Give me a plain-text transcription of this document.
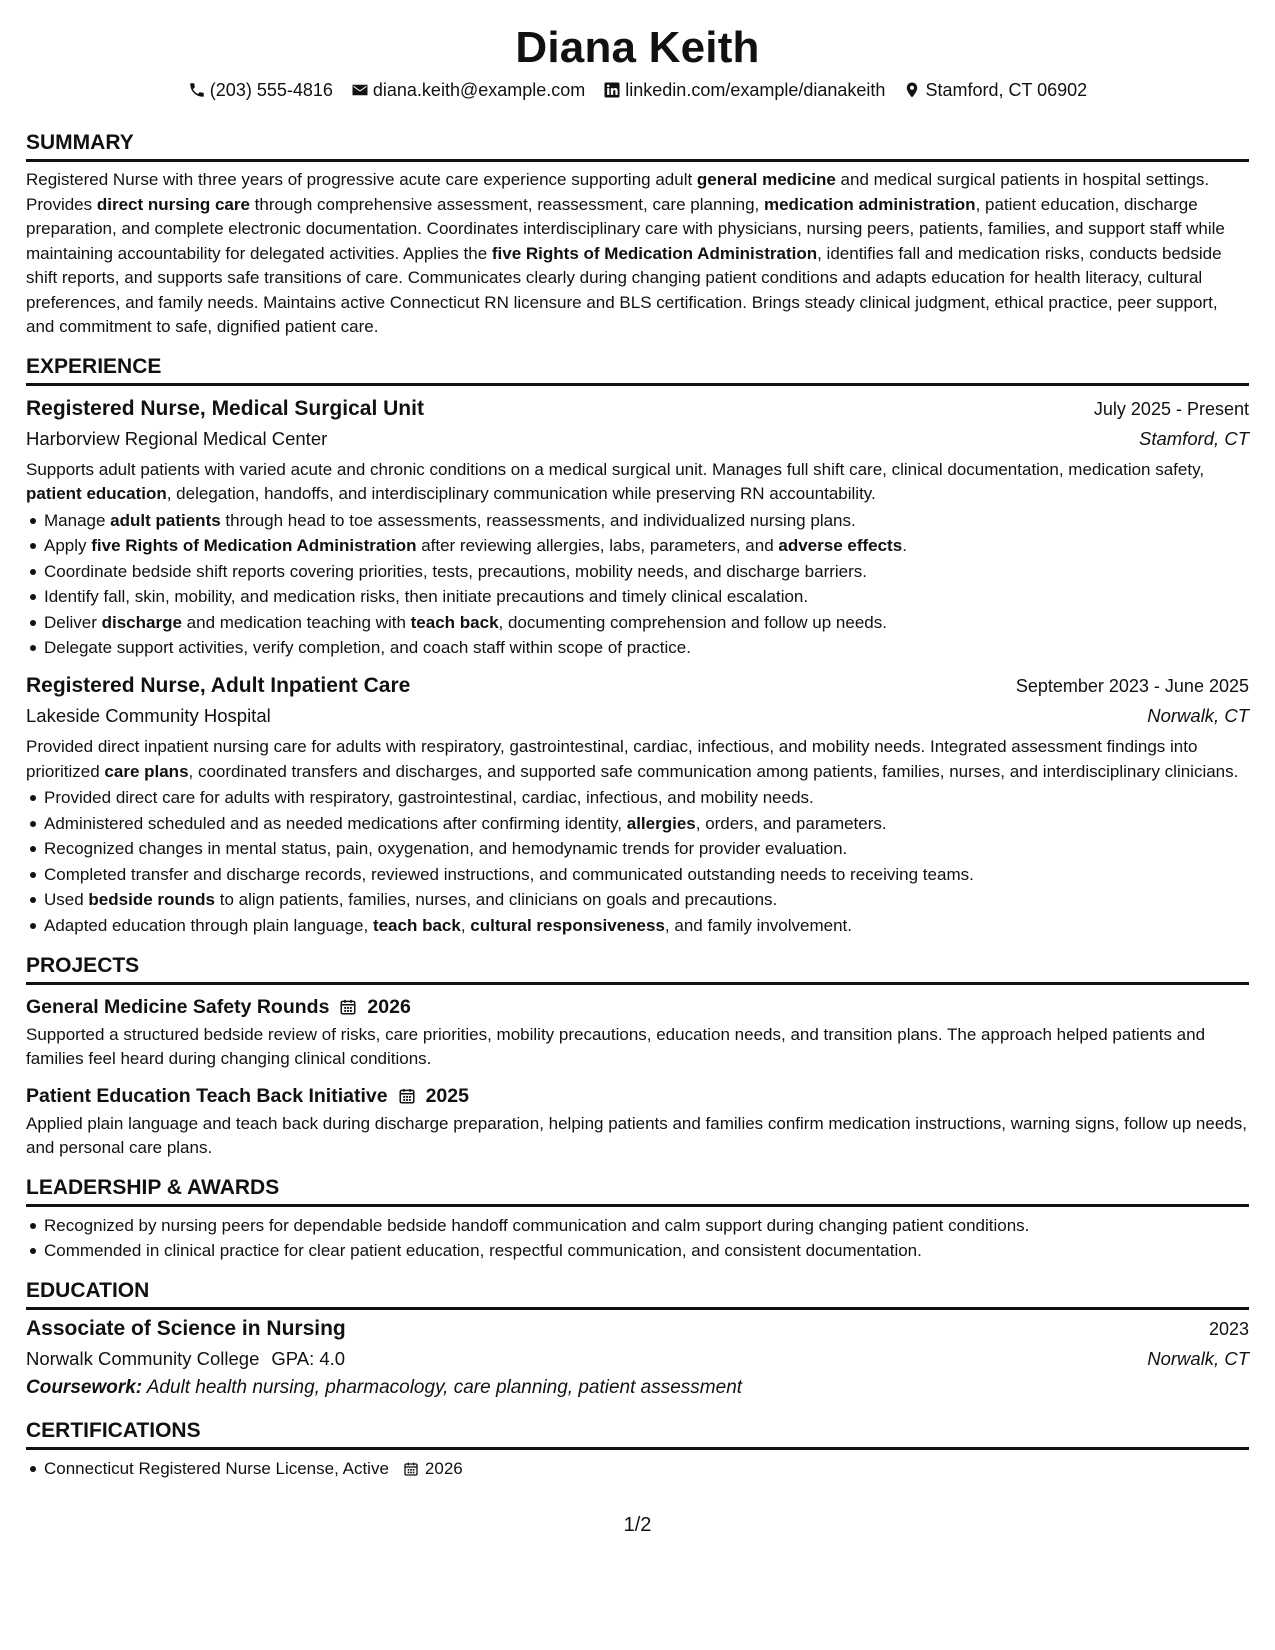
Diana Keith
(203) 555-4816 diana.keith@example.com linkedin.com/example/dianakeith Stamford, CT 06902
SUMMARY

Registered Nurse with three years of progressive acute care experience supporting adult general medicine and medical surgical patients in hospital settings. Provides direct nursing care through comprehensive assessment, reassessment, care planning, medication administration, patient education, discharge preparation, and complete electronic documentation. Coordinates interdisciplinary care with physicians, nursing peers, patients, families, and support staff while maintaining accountability for delegated activities. Applies the five Rights of Medication Administration, identifies fall and medication risks, conducts bedside shift reports, and supports safe transitions of care. Communicates clearly during changing patient conditions and adapts education for health literacy, cultural preferences, and family needs. Maintains active Connecticut RN licensure and BLS certification. Brings steady clinical judgment, ethical practice, peer support, and commitment to safe, dignified patient care.

EXPERIENCE
Registered Nurse, Medical Surgical Unit	July 2025 - Present
Harborview Regional Medical Center	Stamford, CT

Supports adult patients with varied acute and chronic conditions on a medical surgical unit. Manages full shift care, clinical documentation, medication safety, patient education, delegation, handoffs, and interdisciplinary communication while preserving RN accountability.

Manage adult patients through head to toe assessments, reassessments, and individualized nursing plans.
Apply five Rights of Medication Administration after reviewing allergies, labs, parameters, and adverse effects.
Coordinate bedside shift reports covering priorities, tests, precautions, mobility needs, and discharge barriers.
Identify fall, skin, mobility, and medication risks, then initiate precautions and timely clinical escalation.
Deliver discharge and medication teaching with teach back, documenting comprehension and follow up needs.
Delegate support activities, verify completion, and coach staff within scope of practice.
Registered Nurse, Adult Inpatient Care	September 2023 - June 2025
Lakeside Community Hospital	Norwalk, CT

Provided direct inpatient nursing care for adults with respiratory, gastrointestinal, cardiac, infectious, and mobility needs. Integrated assessment findings into prioritized care plans, coordinated transfers and discharges, and supported safe communication among patients, families, nurses, and interdisciplinary clinicians.

Provided direct care for adults with respiratory, gastrointestinal, cardiac, infectious, and mobility needs.
Administered scheduled and as needed medications after confirming identity, allergies, orders, and parameters.
Recognized changes in mental status, pain, oxygenation, and hemodynamic trends for provider evaluation.
Completed transfer and discharge records, reviewed instructions, and communicated outstanding needs to receiving teams.
Used bedside rounds to align patients, families, nurses, and clinicians on goals and precautions.
Adapted education through plain language, teach back, cultural responsiveness, and family involvement.
PROJECTS
General Medicine Safety Rounds 2026

Supported a structured bedside review of risks, care priorities, mobility precautions, education needs, and transition plans. The approach helped patients and families feel heard during changing clinical conditions.

Patient Education Teach Back Initiative 2025

Applied plain language and teach back during discharge preparation, helping patients and families confirm medication instructions, warning signs, follow up needs, and personal care plans.

LEADERSHIP & AWARDS
Recognized by nursing peers for dependable bedside handoff communication and calm support during changing patient conditions.
Commended in clinical practice for clear patient education, respectful communication, and consistent documentation.
EDUCATION
Associate of Science in Nursing	2023
Norwalk Community College GPA: 4.0	Norwalk, CT
Coursework: Adult health nursing, pharmacology, care planning, patient assessment
CERTIFICATIONS
Connecticut Registered Nurse License, Active 2026
1/2
